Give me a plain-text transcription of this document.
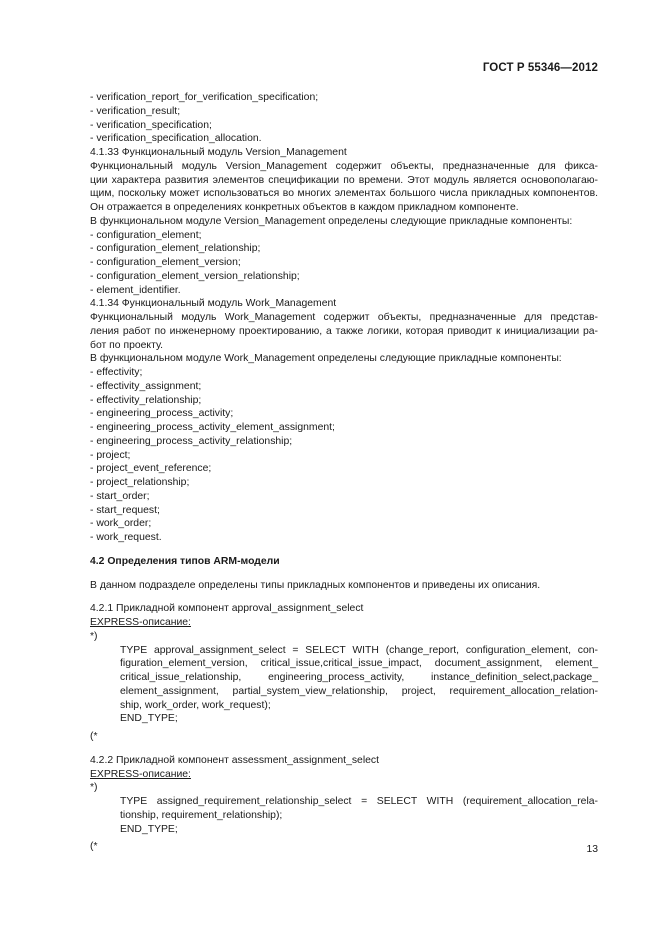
ГОСТ Р 55346—2012
- verification_report_for_verification_specification;
- verification_result;
- verification_specification;
- verification_specification_allocation.
4.1.33 Функциональный модуль Version_Management
Функциональный модуль Version_Management содержит объекты, предназначенные для фикса-
ции характера развития элементов спецификации по времени. Этот модуль является основополагаю-
щим, поскольку может использоваться во многих элементах большого числа прикладных компонентов.
Он отражается в определениях конкретных объектов в каждом прикладном компоненте.
В функциональном модуле Version_Management определены следующие прикладные компоненты:
- configuration_element;
- configuration_element_relationship;
- configuration_element_version;
- configuration_element_version_relationship;
- element_identifier.
4.1.34 Функциональный модуль Work_Management
Функциональный модуль Work_Management содержит объекты, предназначенные для представ-
ления работ по инженерному проектированию, а также логики, которая приводит к инициализации ра-
бот по проекту.
В функциональном модуле Work_Management определены следующие прикладные компоненты:
- effectivity;
- effectivity_assignment;
- effectivity_relationship;
- engineering_process_activity;
- engineering_process_activity_element_assignment;
- engineering_process_activity_relationship;
- project;
- project_event_reference;
- project_relationship;
- start_order;
- start_request;
- work_order;
- work_request.
4.2 Определения типов ARM-модели
В данном подразделе определены типы прикладных компонентов и приведены их описания.
4.2.1 Прикладной компонент approval_assignment_select
EXPRESS-описание:
*)
TYPE approval_assignment_select = SELECT WITH (change_report, configuration_element, con-
figuration_element_version, critical_issue,critical_issue_impact, document_assignment, element_
critical_issue_relationship, engineering_process_activity, instance_definition_select,package_
element_assignment, partial_system_view_relationship, project, requirement_allocation_relation-
ship, work_order, work_request);
END_TYPE;
(*
4.2.2 Прикладной компонент assessment_assignment_select
EXPRESS-описание:
*)
TYPE assigned_requirement_relationship_select = SELECT WITH (requirement_allocation_rela-
tionship, requirement_relationship);
END_TYPE;
(*	13
